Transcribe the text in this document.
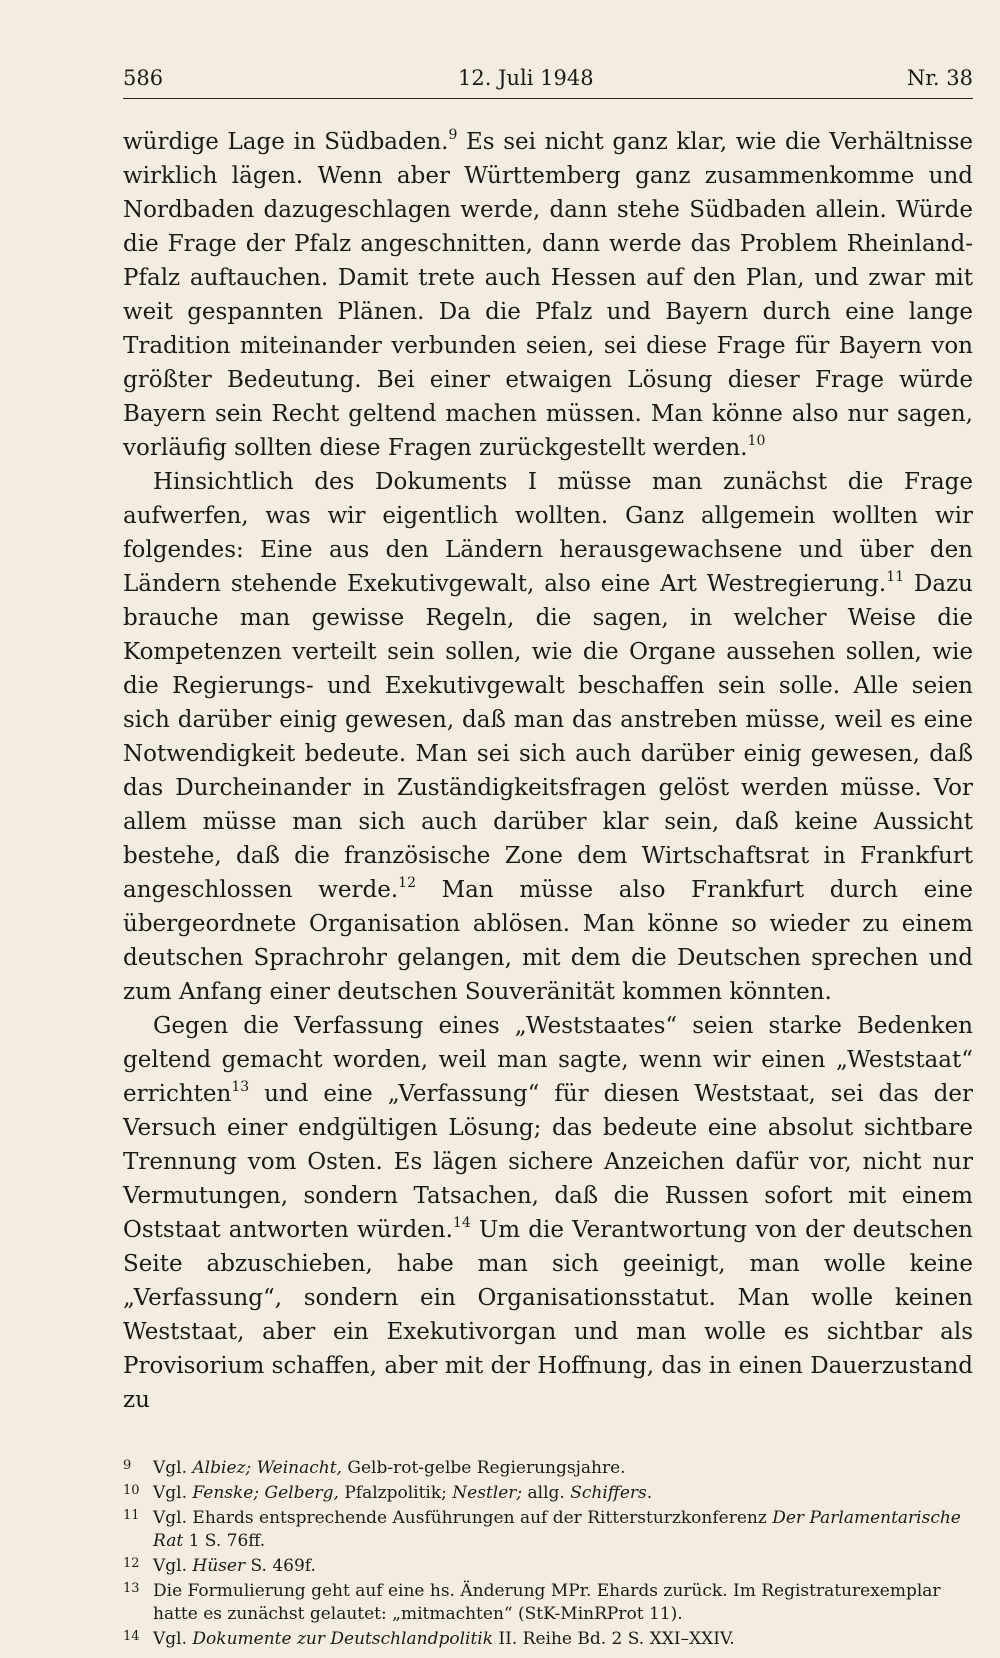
586	12. Juli 1948	Nr. 38

würdige Lage in Südbaden.$^9$ Es sei nicht ganz klar, wie die Verhältnisse wirklich lägen. Wenn aber Württemberg ganz zusammenkomme und Nordbaden dazugeschlagen werde, dann stehe Südbaden allein. Würde die Frage der Pfalz angeschnitten, dann werde das Problem Rheinland-Pfalz auftauchen. Damit trete auch Hessen auf den Plan, und zwar mit weit gespannten Plänen. Da die Pfalz und Bayern durch eine lange Tradition miteinander verbunden seien, sei diese Frage für Bayern von größter Bedeutung. Bei einer etwaigen Lösung dieser Frage würde Bayern sein Recht geltend machen müssen. Man könne also nur sagen, vorläufig sollten diese Fragen zurückgestellt werden.$^{10}$

Hinsichtlich des Dokuments I müsse man zunächst die Frage aufwerfen, was wir eigentlich wollten. Ganz allgemein wollten wir folgendes: Eine aus den Ländern herausgewachsene und über den Ländern stehende Exekutivgewalt, also eine Art Westregierung.$^{11}$ Dazu brauche man gewisse Regeln, die sagen, in welcher Weise die Kompetenzen verteilt sein sollen, wie die Organe aussehen sollen, wie die Regierungs- und Exekutivgewalt beschaffen sein solle. Alle seien sich darüber einig gewesen, daß man das anstreben müsse, weil es eine Notwendigkeit bedeute. Man sei sich auch darüber einig gewesen, daß das Durcheinander in Zuständigkeitsfragen gelöst werden müsse. Vor allem müsse man sich auch darüber klar sein, daß keine Aussicht bestehe, daß die französische Zone dem Wirtschaftsrat in Frankfurt angeschlossen werde.$^{12}$ Man müsse also Frankfurt durch eine übergeordnete Organisation ablösen. Man könne so wieder zu einem deutschen Sprachrohr gelangen, mit dem die Deutschen sprechen und zum Anfang einer deutschen Souveränität kommen könnten.

Gegen die Verfassung eines „Weststaates“ seien starke Bedenken geltend gemacht worden, weil man sagte, wenn wir einen „Weststaat“ errichten$^{13}$ und eine „Verfassung“ für diesen Weststaat, sei das der Versuch einer endgültigen Lösung; das bedeute eine absolut sichtbare Trennung vom Osten. Es lägen sichere Anzeichen dafür vor, nicht nur Vermutungen, sondern Tatsachen, daß die Russen sofort mit einem Oststaat antworten würden.$^{14}$ Um die Verantwortung von der deutschen Seite abzuschieben, habe man sich geeinigt, man wolle keine „Verfassung“, sondern ein Organisationsstatut. Man wolle keinen Weststaat, aber ein Exekutivorgan und man wolle es sichtbar als Provisorium schaffen, aber mit der Hoffnung, das in einen Dauerzustand zu

9	Vgl. Albiez; Weinacht, Gelb-rot-gelbe Regierungsjahre.
10 Vgl. Fenske; Gelberg, Pfalzpolitik; Nestler; allg. Schiffers.
11 Vgl. Ehards entsprechende Ausführungen auf der Rittersturzkonferenz Der Parlamentarische Rat 1 S. 76ff.
12 Vgl. Hüser S. 469f.
13 Die Formulierung geht auf eine hs. Änderung MPr. Ehards zurück. Im Registraturexemplar hatte es zunächst gelautet: „mitmachten“ (StK-MinRProt 11).
14 Vgl. Dokumente zur Deutschlandpolitik II. Reihe Bd. 2 S. XXI–XXIV.
